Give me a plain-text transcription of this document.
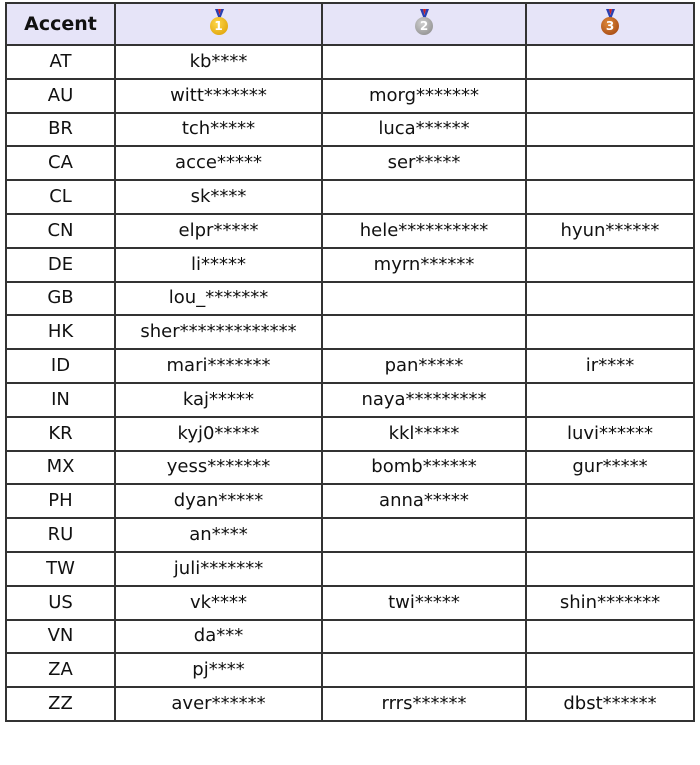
Accent	1	2	3

AT	kb****		
AU	witt*******	morg*******	
BR	tch*****	luca******	
CA	acce*****	ser*****	
CL	sk****		
CN	elpr*****	hele**********	hyun******
DE	li*****	myrn******	
GB	lou_*******		
HK	sher*************		
ID	mari*******	pan*****	ir****
IN	kaj*****	naya*********	
KR	kyj0*****	kkl*****	luvi******
MX	yess*******	bomb******	gur*****
PH	dyan*****	anna*****	
RU	an****		
TW	juli*******		
US	vk****	twi*****	shin*******
VN	da***		
ZA	pj****		
ZZ	aver******	rrrs******	dbst******
